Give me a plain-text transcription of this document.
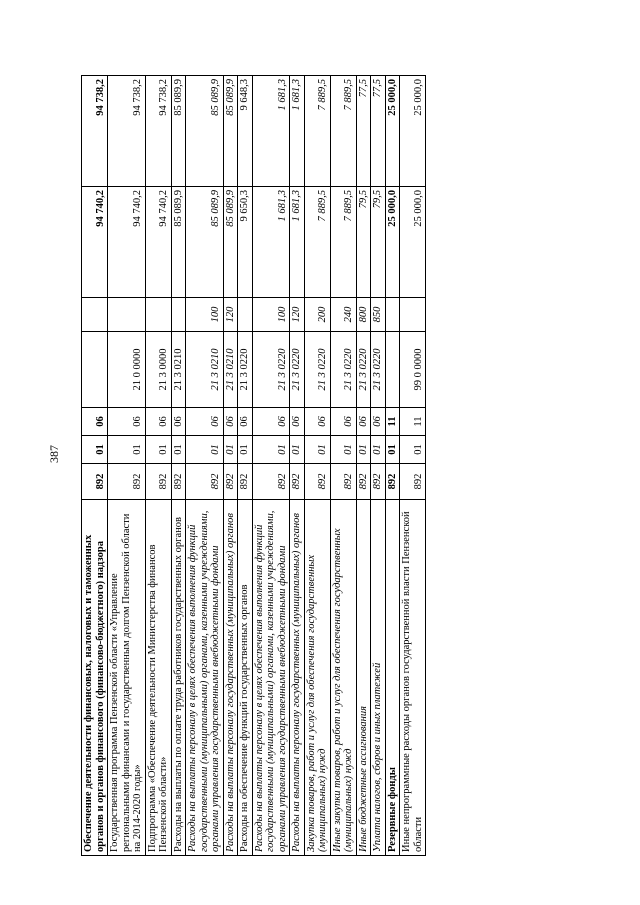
387
Обеспечение деятельности финансовых, налоговых и таможенных органов и органов финансового (финансово-бюджетного) надзора	892	01	06			94 740,2	94 738,2
Государственная программа Пензенской области «Управление региональными финансами и государственным долгом Пензенской области на 2014-2020 годы»	892	01	06	21 0 0000		94 740,2	94 738,2
Подпрограмма «Обеспечение деятельности Министерства финансов Пензенской области»	892	01	06	21 3 0000		94 740,2	94 738,2
Расходы на выплаты по оплате труда работников государственных органов	892	01	06	21 3 0210		85 089,9	85 089,9
Расходы на выплаты персоналу в целях обеспечения выполнения функций государственными (муниципальными) органами, казенными учреждениями, органами управления государственными внебюджетными фондами	892	01	06	21 3 0210	100	85 089,9	85 089,9
Расходы на выплаты персоналу государственных (муниципальных) органов	892	01	06	21 3 0210	120	85 089,9	85 089,9
Расходы на обеспечение функций государственных органов	892	01	06	21 3 0220		9 650,3	9 648,3
Расходы на выплаты персоналу в целях обеспечения выполнения функций государственными (муниципальными) органами, казенными учреждениями, органами управления государственными внебюджетными фондами	892	01	06	21 3 0220	100	1 681,3	1 681,3
Расходы на выплаты персоналу государственных (муниципальных) органов	892	01	06	21 3 0220	120	1 681,3	1 681,3
Закупка товаров, работ и услуг для обеспечения государственных (муниципальных) нужд	892	01	06	21 3 0220	200	7 889,5	7 889,5
Иные закупки товаров, работ и услуг для обеспечения государственных (муниципальных) нужд	892	01	06	21 3 0220	240	7 889,5	7 889,5
Иные бюджетные ассигнования	892	01	06	21 3 0220	800	79,5	77,5
Уплата налогов, сборов и иных платежей	892	01	06	21 3 0220	850	79,5	77,5
Резервные фонды	892	01	11			25 000,0	25 000,0
Иные непрограммные расходы органов государственной власти Пензенской области	892	01	11	99 0 0000		25 000,0	25 000,0
